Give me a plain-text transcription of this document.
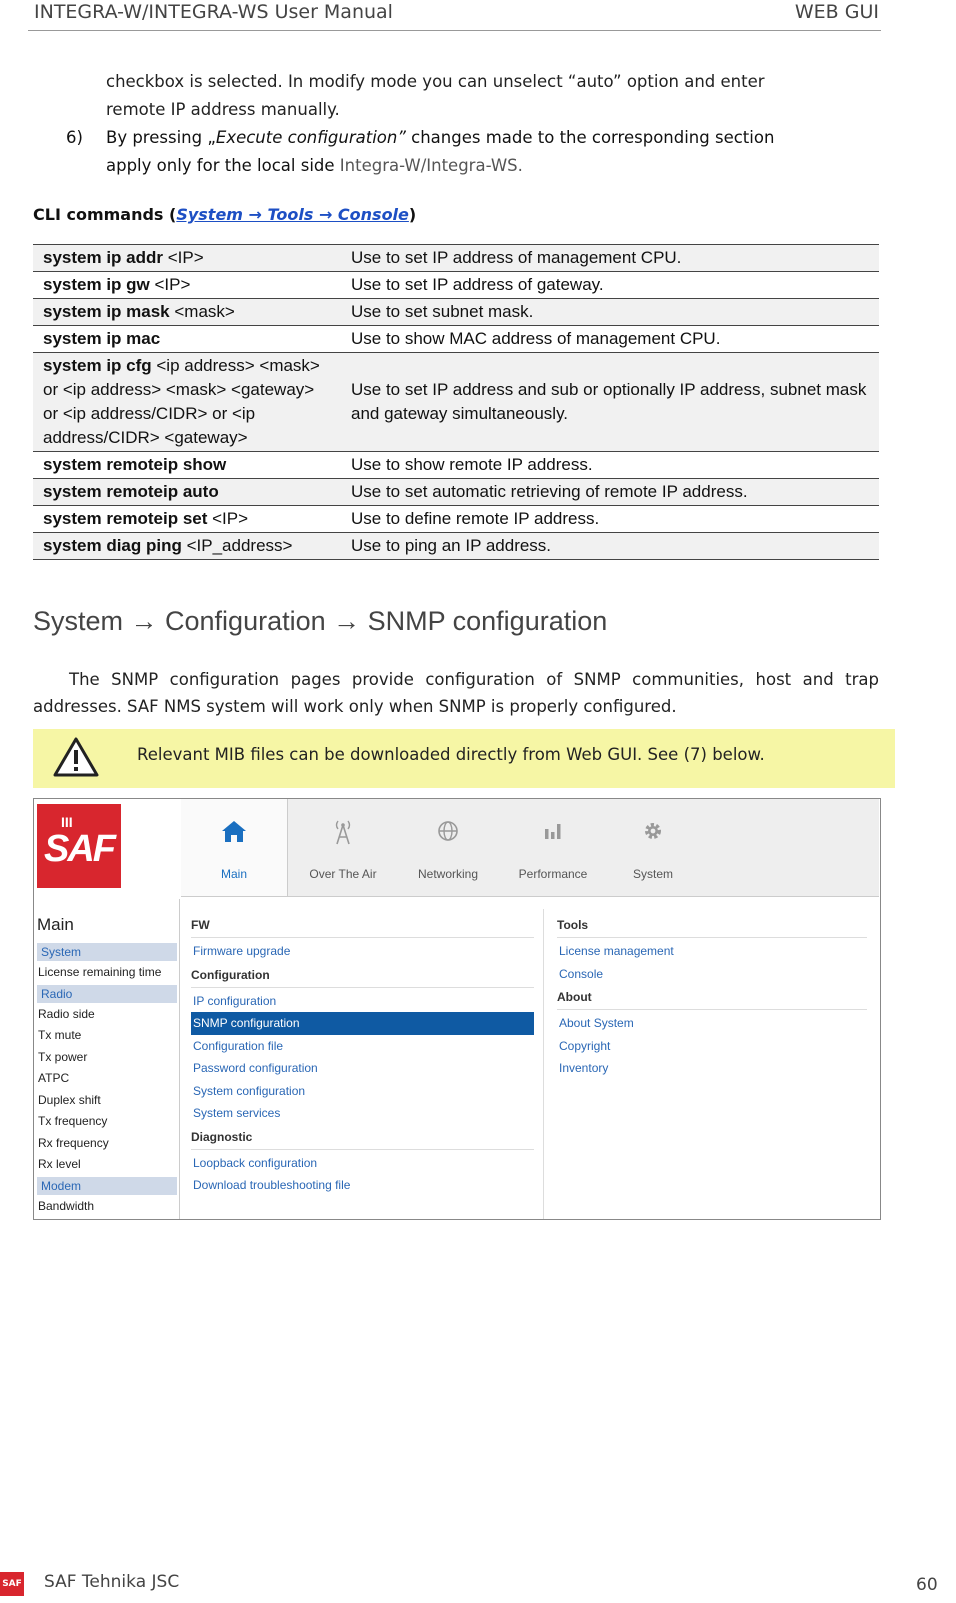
INTEGRA-W/INTEGRA-WS User Manual	WEB GUI
checkbox is selected. In modify mode you can unselect “auto” option and enter
remote IP address manually.
6) By pressing „Execute configuration” changes made to the corresponding section
apply only for the local side Integra-W/Integra-WS.
CLI commands (System → Tools → Console)
system ip addr <IP>	Use to set IP address of management CPU.
system ip gw <IP>	Use to set IP address of gateway.
system ip mask <mask>	Use to set subnet mask.
system ip mac	Use to show MAC address of management CPU.
system ip cfg <ip address> <mask> or <ip address> <mask> <gateway> or <ip address/CIDR> or <ip address/CIDR> <gateway>	Use to set IP address and sub or optionally IP address, subnet mask and gateway simultaneously.
system remoteip show	Use to show remote IP address.
system remoteip auto	Use to set automatic retrieving of remote IP address.
system remoteip set <IP>	Use to define remote IP address.
system diag ping <IP_address>	Use to ping an IP address.
System → Configuration → SNMP configuration
The SNMP configuration pages provide configuration of SNMP communities, host and trap addresses. SAF NMS system will work only when SNMP is properly configured.
Relevant MIB files can be downloaded directly from Web GUI. See (7) below.
III
SAF
Main	Over The Air	Networking	Performance	System
Main
System
License remaining time
Radio
Radio side
Tx mute
Tx power
ATPC
Duplex shift
Tx frequency
Rx frequency
Rx level
Modem
Bandwidth
FW
Firmware upgrade
Configuration
IP configuration
SNMP configuration
Configuration file
Password configuration
System configuration
System services
Diagnostic
Loopback configuration
Download troubleshooting file
Tools
License management
Console
About
About System
Copyright
Inventory
SAF SAF Tehnika JSC	60
